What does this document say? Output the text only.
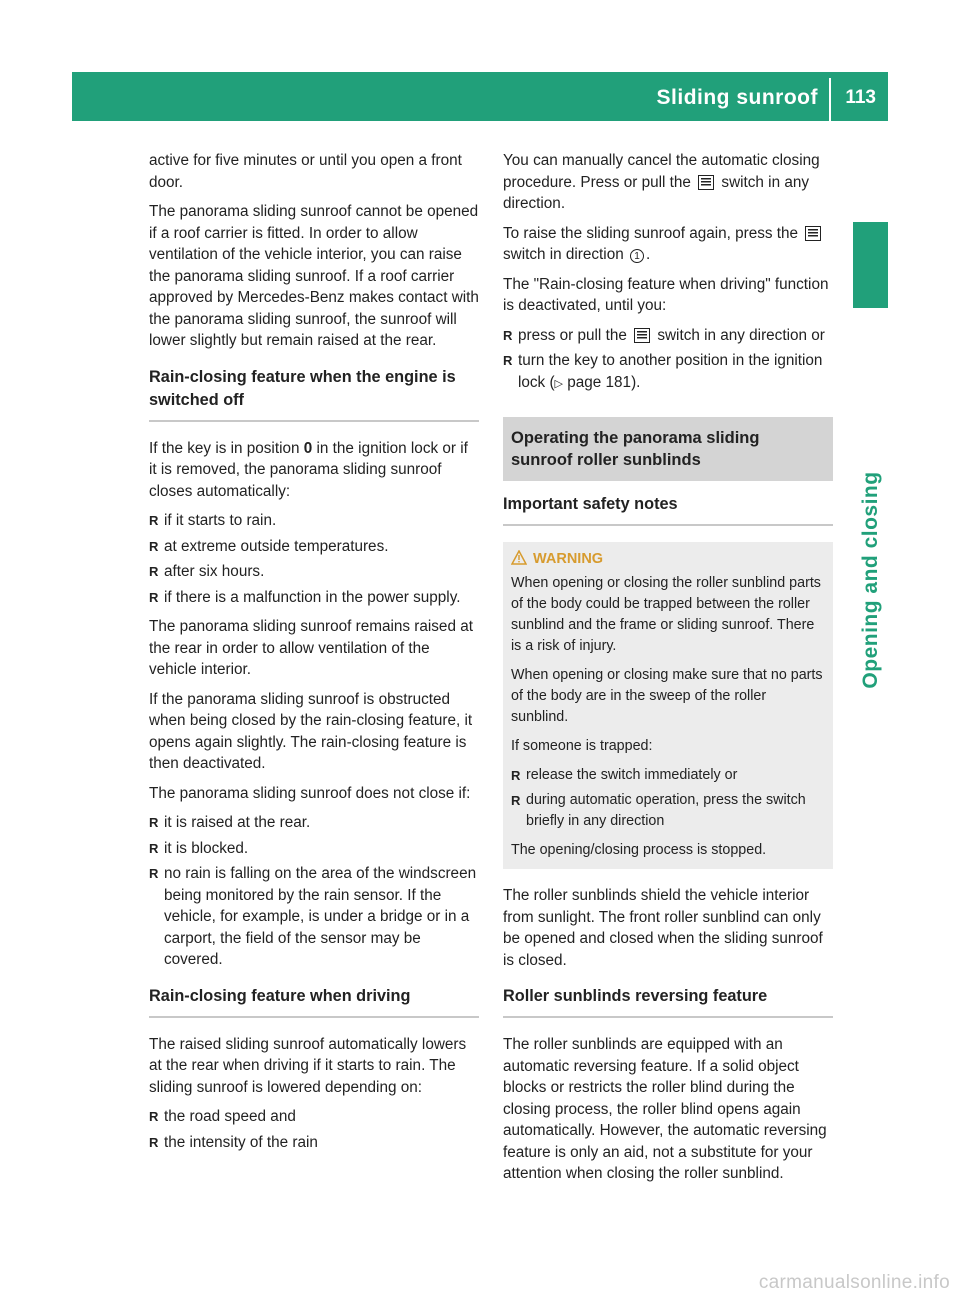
Sliding sunroof 113
Opening and closing

active for five minutes or until you open a front door.

The panorama sliding sunroof cannot be opened if a roof carrier is fitted. In order to allow ventilation of the vehicle interior, you can raise the panorama sliding sunroof. If a roof carrier approved by Mercedes-Benz makes contact with the panorama sliding sunroof, the sunroof will lower slightly but remain raised at the rear.

Rain-closing feature when the engine is switched off

If the key is in position 0 in the ignition lock or if it is removed, the panorama sliding sunroof closes automatically:

R if it starts to rain.
R at extreme outside temperatures.
R after six hours.
R if there is a malfunction in the power supply.

The panorama sliding sunroof remains raised at the rear in order to allow ventilation of the vehicle interior.

If the panorama sliding sunroof is obstructed when being closed by the rain-closing feature, it opens again slightly. The rain-closing feature is then deactivated.

The panorama sliding sunroof does not close if:

R it is raised at the rear.
R it is blocked.
R no rain is falling on the area of the windscreen being monitored by the rain sensor. If the vehicle, for example, is under a bridge or in a carport, the field of the sensor may be covered.
Rain-closing feature when driving

The raised sliding sunroof automatically lowers at the rear when driving if it starts to rain. The sliding sunroof is lowered depending on:

R the road speed and
R the intensity of the rain

You can manually cancel the automatic closing procedure. Press or pull the  switch in any direction.

To raise the sliding sunroof again, press the  switch in direction 1 .

The "Rain-closing feature when driving" function is deactivated, until you:

R press or pull the  switch in any direction or
R turn the key to another position in the ignition lock (▷ page 181).
Operating the panorama sliding sunroof roller sunblinds
Important safety notes
WARNING

When opening or closing the roller sunblind parts of the body could be trapped between the roller sunblind and the frame or sliding sunroof. There is a risk of injury.

When opening or closing make sure that no parts of the body are in the sweep of the roller sunblind.

If someone is trapped:

R release the switch immediately or
R during automatic operation, press the switch briefly in any direction

The opening/closing process is stopped.

The roller sunblinds shield the vehicle interior from sunlight. The front roller sunblind can only be opened and closed when the sliding sunroof is closed.

Roller sunblinds reversing feature

The roller sunblinds are equipped with an automatic reversing feature. If a solid object blocks or restricts the roller blind during the closing process, the roller blind opens again automatically. However, the automatic reversing feature is only an aid, not a substitute for your attention when closing the roller sunblind.

carmanualsonline.info
